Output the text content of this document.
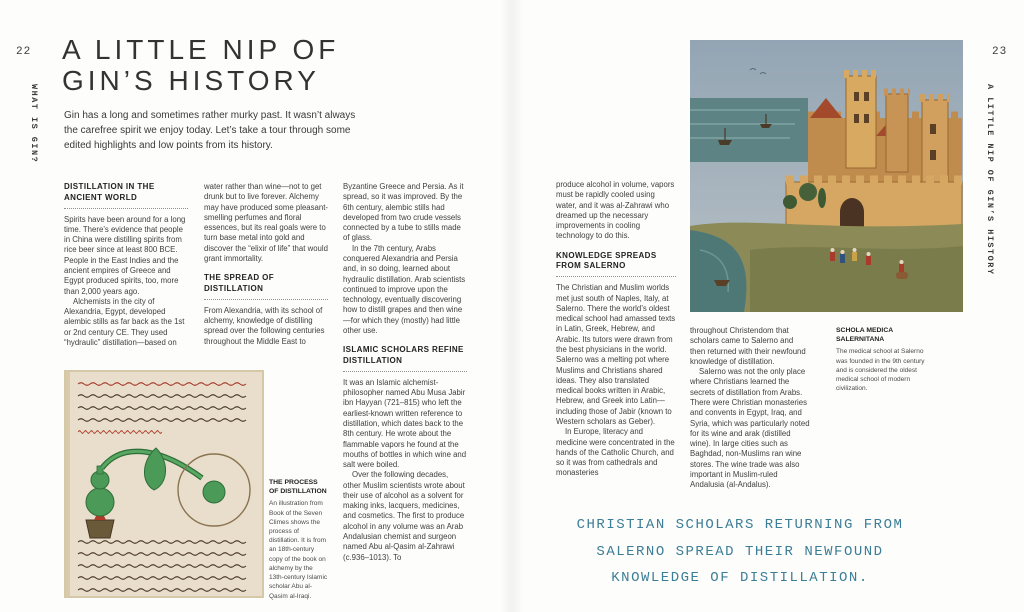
22
WHAT IS GIN?
A LITTLE NIP OF
GIN’S HISTORY

Gin has a long and sometimes rather murky past. It wasn’t always the carefree spirit we enjoy today. Let’s take a tour through some edited highlights and low points from its history.

DISTILLATION IN THE ANCIENT WORLD

Spirits have been around for a long time. There’s evidence that people in China were distilling spirits from rice beer since at least 800 BCE. People in the East Indies and the ancient empires of Greece and Egypt produced spirits, too, more than 2,000 years ago.

Alchemists in the city of Alexandria, Egypt, developed alembic stills as far back as the 1st or 2nd century CE. They used “hydraulic” distillation—based on

water rather than wine—not to get drunk but to live forever. Alchemy may have produced some pleasant-smelling perfumes and floral essences, but its real goals were to turn base metal into gold and discover the “elixir of life” that would grant immortality.

THE SPREAD OF DISTILLATION

From Alexandria, with its school of alchemy, knowledge of distilling spread over the following centuries throughout the Middle East to

Byzantine Greece and Persia. As it spread, so it was improved. By the 6th century, alembic stills had developed from two crude vessels connected by a tube to stills made of glass.

In the 7th century, Arabs conquered Alexandria and Persia and, in so doing, learned about hydraulic distillation. Arab scientists continued to improve upon the technology, eventually discovering how to distill grapes and then wine—for which they (mostly) had little other use.

ISLAMIC SCHOLARS REFINE DISTILLATION

It was an Islamic alchemist-philosopher named Abu Musa Jabir ibn Hayyan (721–815) who left the earliest-known written reference to distillation, which dates back to the 8th century. He wrote about the flammable vapors he found at the mouths of bottles in which wine and salt were boiled.

Over the following decades, other Muslim scientists wrote about their use of alcohol as a solvent for making inks, lacquers, medicines, and cosmetics. The first to produce alcohol in any volume was an Arab Andalusian chemist and surgeon named Abu al-Qasim al-Zahrawi (c.936–1013). To

THE PROCESS OF DISTILLATION

An illustration from Book of the Seven Climes shows the process of distillation. It is from an 18th-century copy of the book on alchemy by the 13th-century Islamic scholar Abu al-Qasim al-Iraqi.

23
A LITTLE NIP OF GIN’S HISTORY

produce alcohol in volume, vapors must be rapidly cooled using water, and it was al-Zahrawi who dreamed up the necessary improvements in cooling technology to do this.

KNOWLEDGE SPREADS FROM SALERNO

The Christian and Muslim worlds met just south of Naples, Italy, at Salerno. There the world’s oldest medical school had amassed texts in Latin, Greek, Hebrew, and Arabic. Its tutors were drawn from the best physicians in the world. Salerno was a melting pot where Muslims and Christians shared ideas. They also translated medical books written in Arabic, Hebrew, and Greek into Latin—including those of Jabir (known to Western scholars as Geber).

In Europe, literacy and medicine were concentrated in the hands of the Catholic Church, and so it was from cathedrals and monasteries

throughout Christendom that scholars came to Salerno and then returned with their newfound knowledge of distillation.

Salerno was not the only place where Christians learned the secrets of distillation from Arabs. There were Christian monasteries and convents in Egypt, Iraq, and Syria, which was particularly noted for its wine and arak (distilled wine). In large cities such as Baghdad, non-Muslims ran wine stores. The wine trade was also important in Muslim-ruled Andalusia (al-Andalus).

SCHOLA MEDICA SALERNITANA

The medical school at Salerno was founded in the 9th century and is considered the oldest medical school of modern civilization.

CHRISTIAN SCHOLARS RETURNING FROM SALERNO SPREAD THEIR NEWFOUND KNOWLEDGE OF DISTILLATION.
